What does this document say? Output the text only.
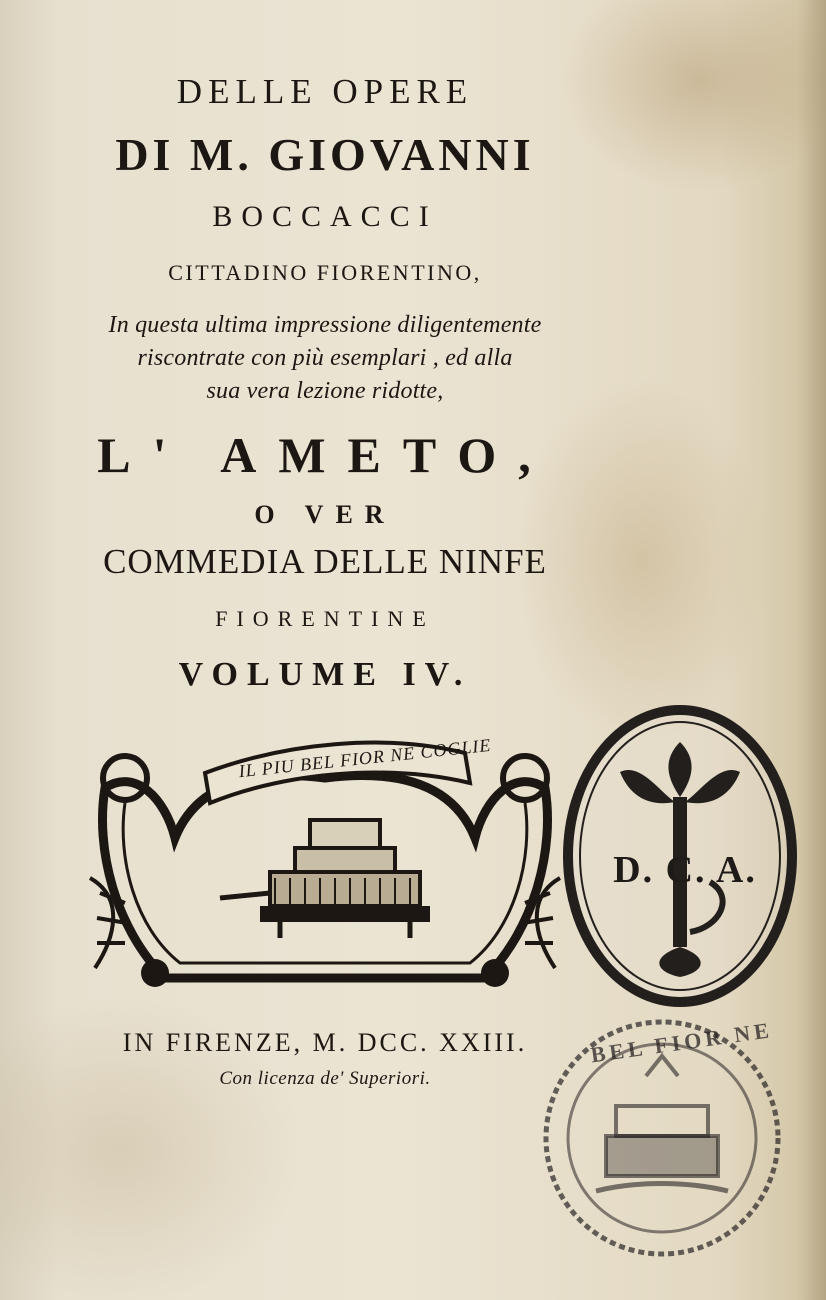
DELLE OPERE

DI M. GIOVANNI

BOCCACCI

CITTADINO FIORENTINO,

In questa ultima impressione diligentemente

riscontrate con più esemplari , ed alla

sua vera lezione ridotte,

L' AMETO,

O VER

COMMEDIA DELLE NINFE

FIORENTINE

VOLUME IV.

IL PIU BEL FIOR NE COGLIE
D. C. A.

IN FIRENZE, M. DCC. XXIII.

Con licenza de' Superiori.

BEL FIOR NE
